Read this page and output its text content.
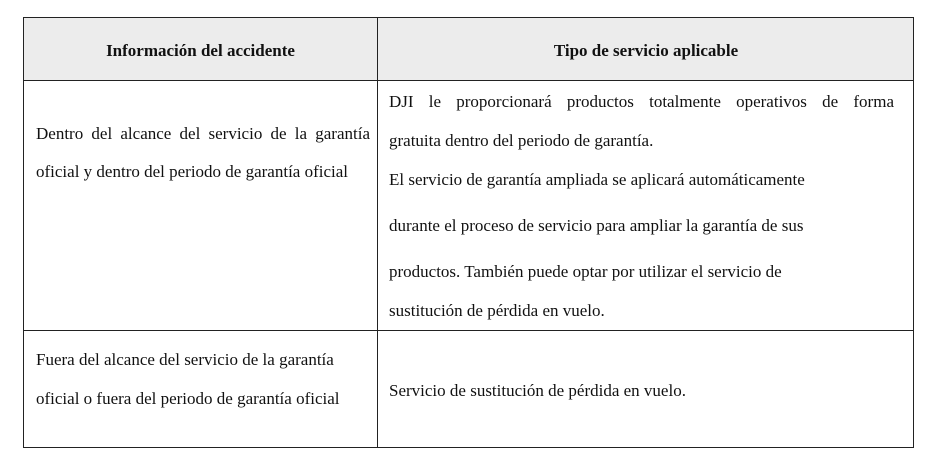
Información del accidente	Tipo de servicio aplicable
Dentro del alcance del servicio de la garantía oficial y dentro del periodo de garantía oficial
DJI le proporcionará productos totalmente operativos de forma
gratuita dentro del periodo de garantía.
El servicio de garantía ampliada se aplicará automáticamente
durante el proceso de servicio para ampliar la garantía de sus
productos. También puede optar por utilizar el servicio de
sustitución de pérdida en vuelo.
Fuera del alcance del servicio de la garantía oficial o fuera del periodo de garantía oficial	Servicio de sustitución de pérdida en vuelo.
